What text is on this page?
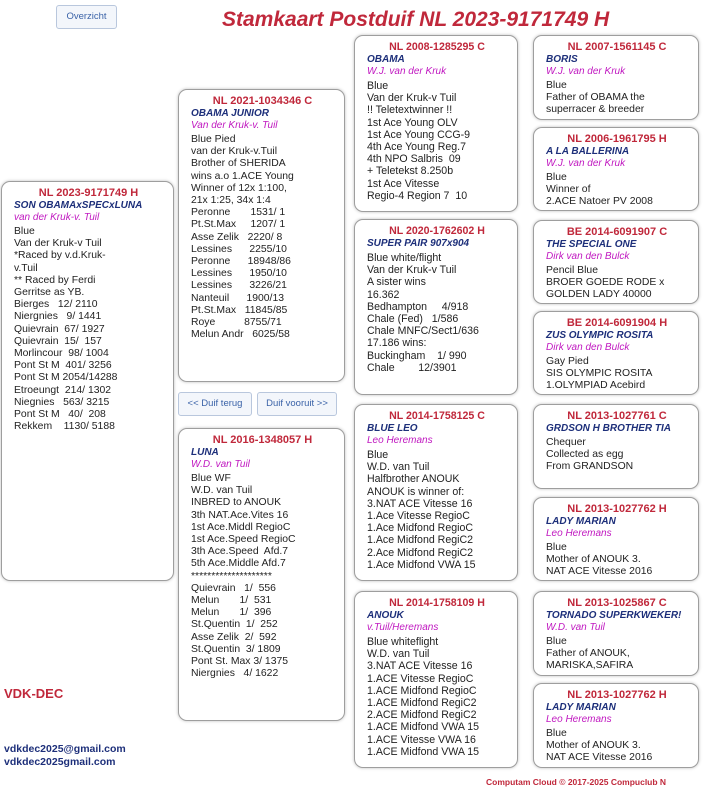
Overzicht	Stamkaart Postduif NL 2023-9171749 H
NL 2023-9171749 H
SON OBAMAxSPECxLUNA
van der Kruk-v. Tuil
Blue
Van der Kruk-v Tuil
*Raced by v.d.Kruk-
v.Tuil
** Raced by Ferdi
Gerritse as YB.
Bierges   12/ 2110
Niergnies   9/ 1441
Quievrain  67/ 1927
Quievrain  15/  157
Morlincour  98/ 1004
Pont St M  401/ 3256
Pont St M 2054/14288
Etroeungt  214/ 1302
Niegnies   563/ 3215
Pont St M   40/  208
Rekkem    1130/ 5188
NL 2021-1034346 C
OBAMA JUNIOR
Van der Kruk-v. Tuil
Blue Pied
van der Kruk-v.Tuil
Brother of SHERIDA
wins a.o 1.ACE Young
Winner of 12x 1:100,
21x 1:25, 34x 1:4
Peronne       1531/ 1
Pt.St.Max     1207/ 1
Asse Zelik   2220/ 8
Lessines      2255/10
Peronne      18948/86
Lessines      1950/10
Lessines      3226/21
Nanteuil      1900/13
Pt.St.Max   11845/85
Roye          8755/71
Melun Andr   6025/58
<< Duif terug	Duif vooruit >>
NL 2016-1348057 H
LUNA
W.D. van Tuil
Blue WF
W.D. van Tuil
INBRED to ANOUK
3th NAT.Ace.Vites 16
1st Ace.Middl RegioC
1st Ace.Speed RegioC
3th Ace.Speed  Afd.7
5th Ace.Middle Afd.7
********************
Quievrain   1/  556
Melun       1/  531
Melun       1/  396
St.Quentin  1/  252
Asse Zelik  2/  592
St.Quentin  3/ 1809
Pont St. Max 3/ 1375
Niergnies   4/ 1622
NL 2008-1285295 C
OBAMA
W.J. van der Kruk
Blue
Van der Kruk-v Tuil
!! Teletextwinner !!
1st Ace Young OLV
1st Ace Young CCG-9
4th Ace Young Reg.7
4th NPO Salbris  09
+ Teletekst 8.250b
1st Ace Vitesse
Regio-4 Region 7  10
NL 2020-1762602 H
SUPER PAIR 907x904
Blue white/flight
Van der Kruk-v Tuil
A sister wins
16.362
Bedhampton     4/918
Chale (Fed)   1/586
Chale MNFC/Sect1/636
17.186 wins:
Buckingham    1/ 990
Chale        12/3901
NL 2014-1758125 C
BLUE LEO
Leo Heremans
Blue
W.D. van Tuil
Halfbrother ANOUK
ANOUK is winner of:
3.NAT ACE Vitesse 16
1.Ace Vitesse RegioC
1.Ace Midfond RegioC
1.Ace Midfond RegiC2
2.Ace Midfond RegiC2
1.Ace Midfond VWA 15
NL 2014-1758109 H
ANOUK
v.Tuil/Heremans
Blue whiteflight
W.D. van Tuil
3.NAT ACE Vitesse 16
1.ACE Vitesse RegioC
1.ACE Midfond RegioC
1.ACE Midfond RegiC2
2.ACE Midfond RegiC2
1.ACE Midfond VWA 15
1.ACE Vitesse VWA 16
1.ACE Midfond VWA 15
NL 2007-1561145 C
BORIS
W.J. van der Kruk
Blue
Father of OBAMA the
superracer & breeder
NL 2006-1961795 H
A LA BALLERINA
W.J. van der Kruk
Blue
Winner of
2.ACE Natoer PV 2008
BE 2014-6091907 C
THE SPECIAL ONE
Dirk van den Bulck
Pencil Blue
BROER GOEDE RODE x
GOLDEN LADY 40000
BE 2014-6091904 H
ZUS OLYMPIC ROSITA
Dirk van den Bulck
Gay Pied
SIS OLYMPIC ROSITA
1.OLYMPIAD Acebird
NL 2013-1027761 C
GRDSON H BROTHER TIA
Chequer
Collected as egg
From GRANDSON
NL 2013-1027762 H
LADY MARIAN
Leo Heremans
Blue
Mother of ANOUK 3.
NAT ACE Vitesse 2016
NL 2013-1025867 C
TORNADO SUPERKWEKER!
W.D. van Tuil
Blue
Father of ANOUK,
MARISKA,SAFIRA
NL 2013-1027762 H
LADY MARIAN
Leo Heremans
Blue
Mother of ANOUK 3.
NAT ACE Vitesse 2016
VDK-DEC
vdkdec2025@gmail.com
vdkdec2025gmail.com
Computam Cloud © 2017-2025 Compuclub N
